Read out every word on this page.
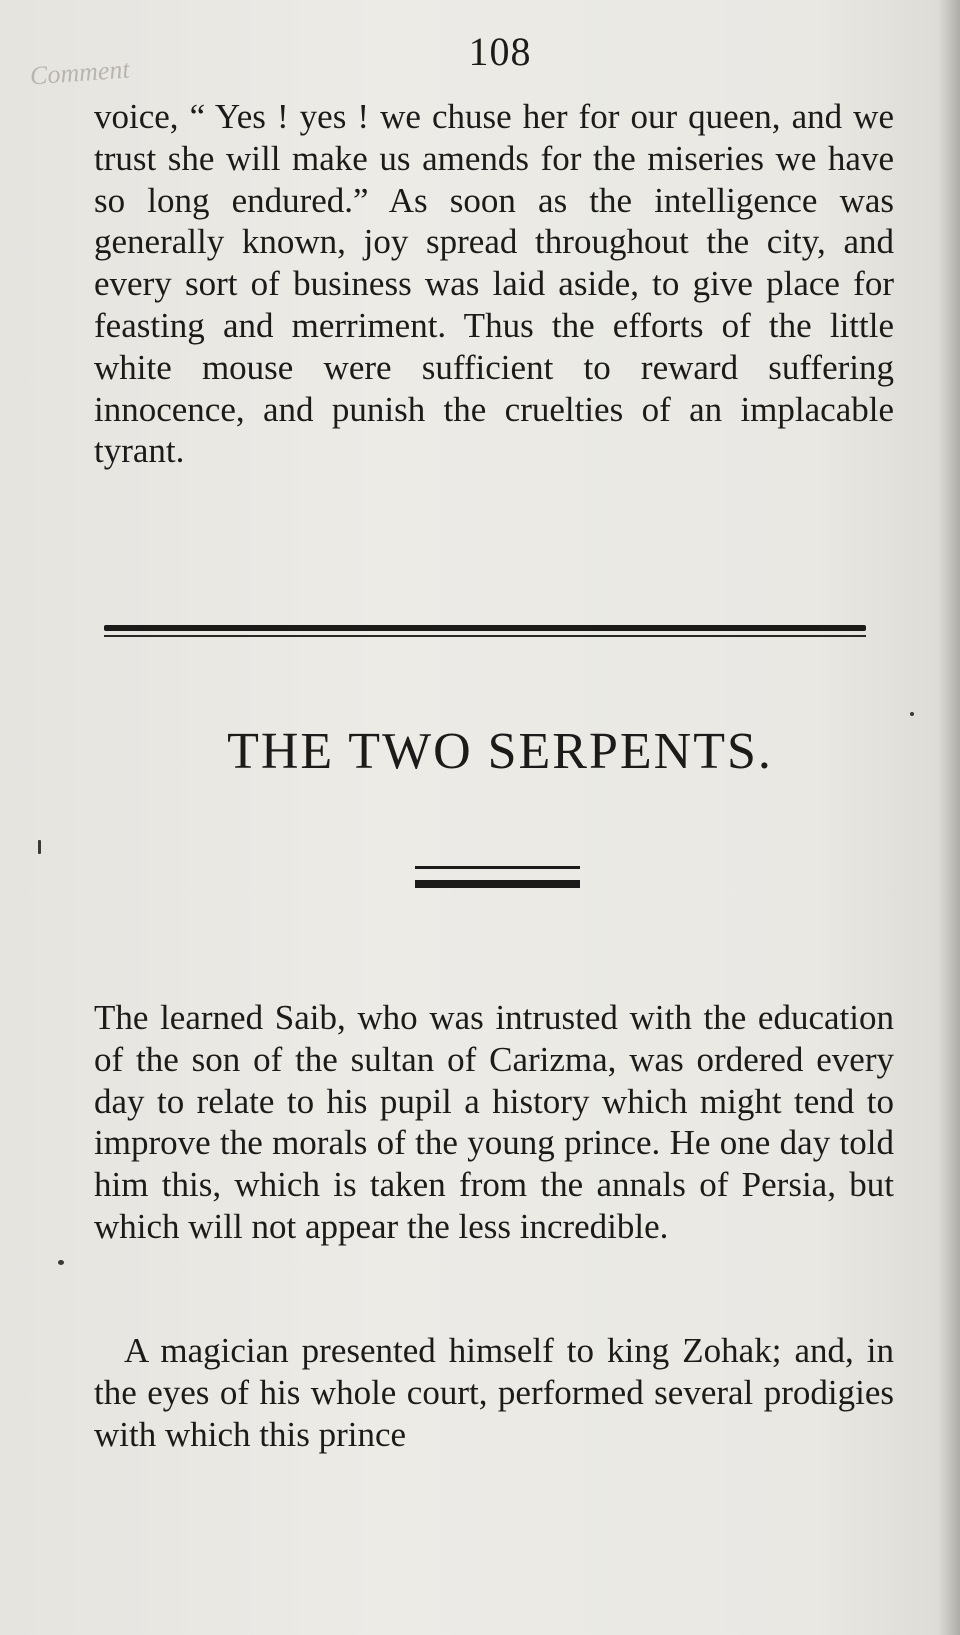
Comment	108

voice, “ Yes ! yes ! we chuse her for our queen, and we trust she will make us amends for the miseries we have so long endured.” As soon as the intelligence was generally known, joy spread throughout the city, and every sort of business was laid aside, to give place for feasting and merriment. Thus the efforts of the little white mouse were sufficient to reward suffering innocence, and punish the cruelties of an implacable tyrant.

THE TWO SERPENTS.

The learned Saib, who was intrusted with the education of the son of the sultan of Carizma, was ordered every day to relate to his pupil a history which might tend to improve the morals of the young prince. He one day told him this, which is taken from the annals of Persia, but which will not appear the less incredible.

A magician presented himself to king Zohak; and, in the eyes of his whole court, performed several prodigies with which this prince
